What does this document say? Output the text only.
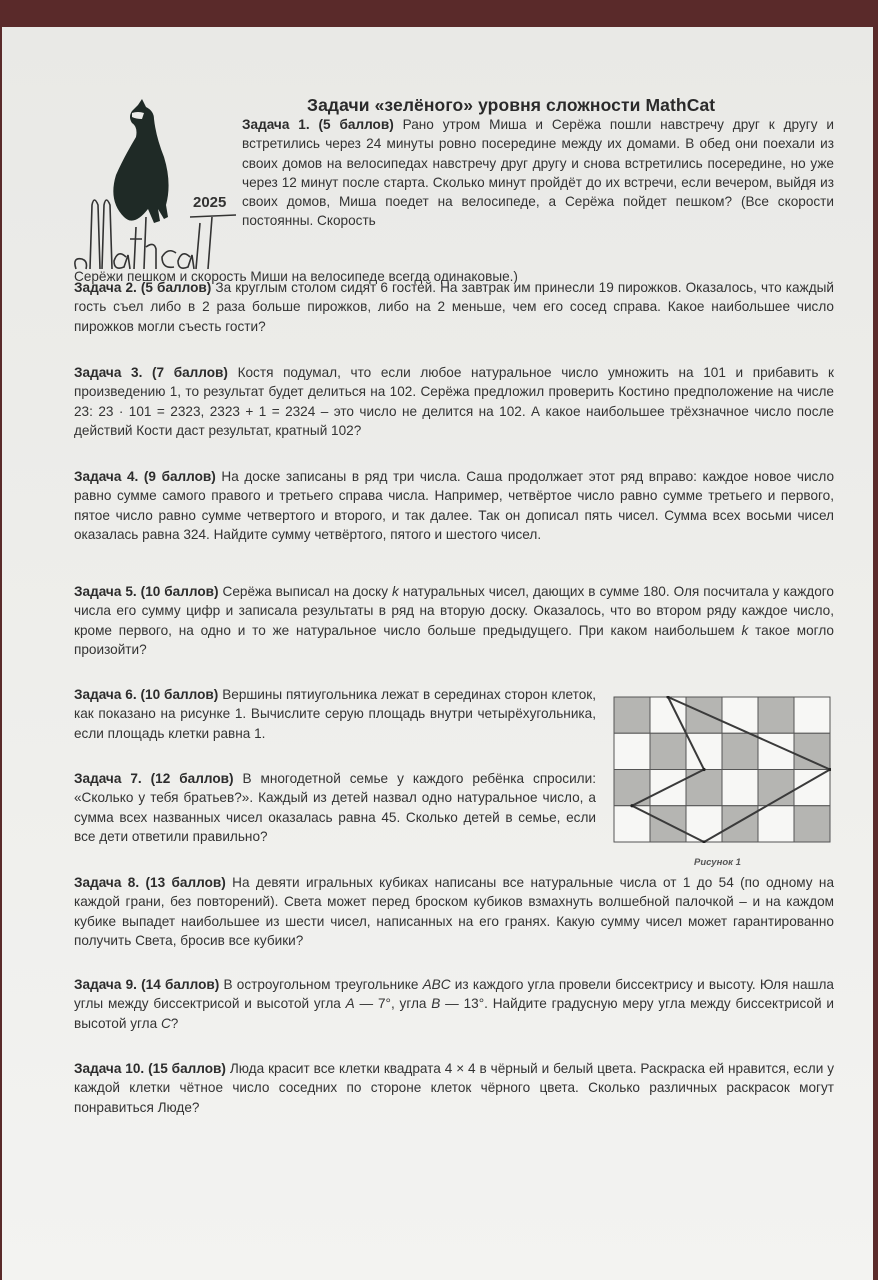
2025
Задачи «зелёного» уровня сложности MathCat
Задача 1. (5 баллов) Рано утром Миша и Серёжа пошли навстречу друг к другу и встретились через 24 минуты ровно посередине между их домами. В обед они поехали из своих домов на велосипедах навстречу друг другу и снова встретились посередине, но уже через 12 минут после старта. Сколько минут пройдёт до их встречи, если вечером, выйдя из своих домов, Миша поедет на велосипеде, а Серёжа пойдет пешком? (Все скорости постоянны. Скорость
Серёжи пешком и скорость Миши на велосипеде всегда одинаковые.)
Задача 2. (5 баллов) За круглым столом сидят 6 гостей. На завтрак им принесли 19 пирожков. Оказалось, что каждый гость съел либо в 2 раза больше пирожков, либо на 2 меньше, чем его сосед справа. Какое наибольшее число пирожков могли съесть гости?
Задача 3. (7 баллов) Костя подумал, что если любое натуральное число умножить на 101 и прибавить к произведению 1, то результат будет делиться на 102. Серёжа предложил проверить Костино предположение на числе 23: 23 · 101 = 2323, 2323 + 1 = 2324 – это число не делится на 102. А какое наибольшее трёхзначное число после действий Кости даст результат, кратный 102?
Задача 4. (9 баллов) На доске записаны в ряд три числа. Саша продолжает этот ряд вправо: каждое новое число равно сумме самого правого и третьего справа числа. Например, четвёртое число равно сумме третьего и первого, пятое число равно сумме четвертого и второго, и так далее. Так он дописал пять чисел. Сумма всех восьми чисел оказалась равна 324. Найдите сумму четвёртого, пятого и шестого чисел.
Задача 5. (10 баллов) Серёжа выписал на доску k натуральных чисел, дающих в сумме 180. Оля посчитала у каждого числа его сумму цифр и записала результаты в ряд на вторую доску. Оказалось, что во втором ряду каждое число, кроме первого, на одно и то же натуральное число больше предыдущего. При каком наибольшем k такое могло произойти?
Задача 6. (10 баллов) Вершины пятиугольника лежат в серединах сторон клеток, как показано на рисунке 1. Вычислите серую площадь внутри четырёхугольника, если площадь клетки равна 1.
Задача 7. (12 баллов) В многодетной семье у каждого ребёнка спросили: «Сколько у тебя братьев?». Каждый из детей назвал одно натуральное число, а сумма всех названных чисел оказалась равна 45. Сколько детей в семье, если все дети ответили правильно?
Рисунок 1
Задача 8. (13 баллов) На девяти игральных кубиках написаны все натуральные числа от 1 до 54 (по одному на каждой грани, без повторений). Света может перед броском кубиков взмахнуть волшебной палочкой – и на каждом кубике выпадет наибольшее из шести чисел, написанных на его гранях. Какую сумму чисел может гарантированно получить Света, бросив все кубики?
Задача 9. (14 баллов) В остроугольном треугольнике ABC из каждого угла провели биссектрису и высоту. Юля нашла углы между биссектрисой и высотой угла A — 7°, угла B — 13°. Найдите градусную меру угла между биссектрисой и высотой угла C?
Задача 10. (15 баллов) Люда красит все клетки квадрата 4 × 4 в чёрный и белый цвета. Раскраска ей нравится, если у каждой клетки чётное число соседних по стороне клеток чёрного цвета. Сколько различных раскрасок могут понравиться Люде?
